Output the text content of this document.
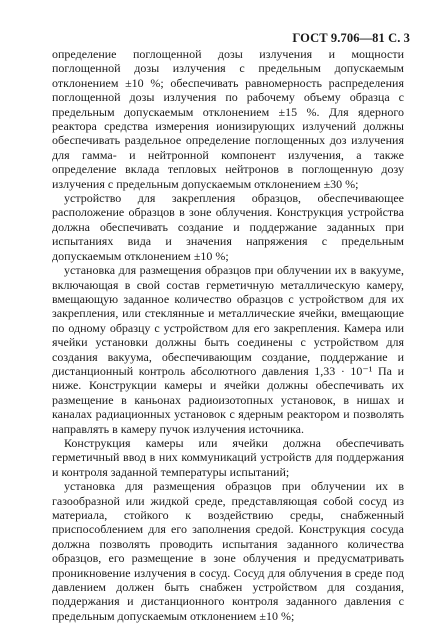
ГОСТ 9.706—81 С. 3

определение поглощенной дозы излучения и мощности поглощенной дозы излучения с предельным допускаемым отклонением ±10 %; обеспечивать равномерность распределения поглощенной дозы излучения по рабочему объему образца с предельным допускаемым отклонением ±15 %. Для ядерного реактора средства измерения ионизирующих излучений должны обеспечивать раздельное определение поглощенных доз излучения для гамма- и нейтронной компонент излучения, а также определение вклада тепловых нейтронов в поглощенную дозу излучения с предельным допускаемым отклонением ±30 %;

устройство для закрепления образцов, обеспечивающее расположение образцов в зоне облучения. Конструкция устройства должна обеспечивать создание и поддержание заданных при испытаниях вида и значения напряжения с предельным допускаемым отклонением ±10 %;

установка для размещения образцов при облучении их в вакууме, включающая в свой состав герметичную металлическую камеру, вмещающую заданное количество образцов с устройством для их закрепления, или стеклянные и металлические ячейки, вмещающие по одному образцу с устройством для его закрепления. Камера или ячейки установки должны быть соединены с устройством для создания вакуума, обеспечивающим создание, поддержание и дистанционный контроль абсолютного давления 1,33 · 10⁻¹ Па и ниже. Конструкции камеры и ячейки должны обеспечивать их размещение в каньонах радиоизотопных установок, в нишах и каналах радиационных установок с ядерным реактором и позволять направлять в камеру пучок излучения источника.

Конструкция камеры или ячейки должна обеспечивать герметичный ввод в них коммуникаций устройств для поддержания и контроля заданной температуры испытаний;

установка для размещения образцов при облучении их в газообразной или жидкой среде, представляющая собой сосуд из материала, стойкого к воздействию среды, снабженный приспособлением для его заполнения средой. Конструкция сосуда должна позволять проводить испытания заданного количества образцов, его размещение в зоне облучения и предусматривать проникновение излучения в сосуд. Сосуд для облучения в среде под давлением должен быть снабжен устройством для создания, поддержания и дистанционного контроля заданного давления с предельным допускаемым отклонением ±10 %;
